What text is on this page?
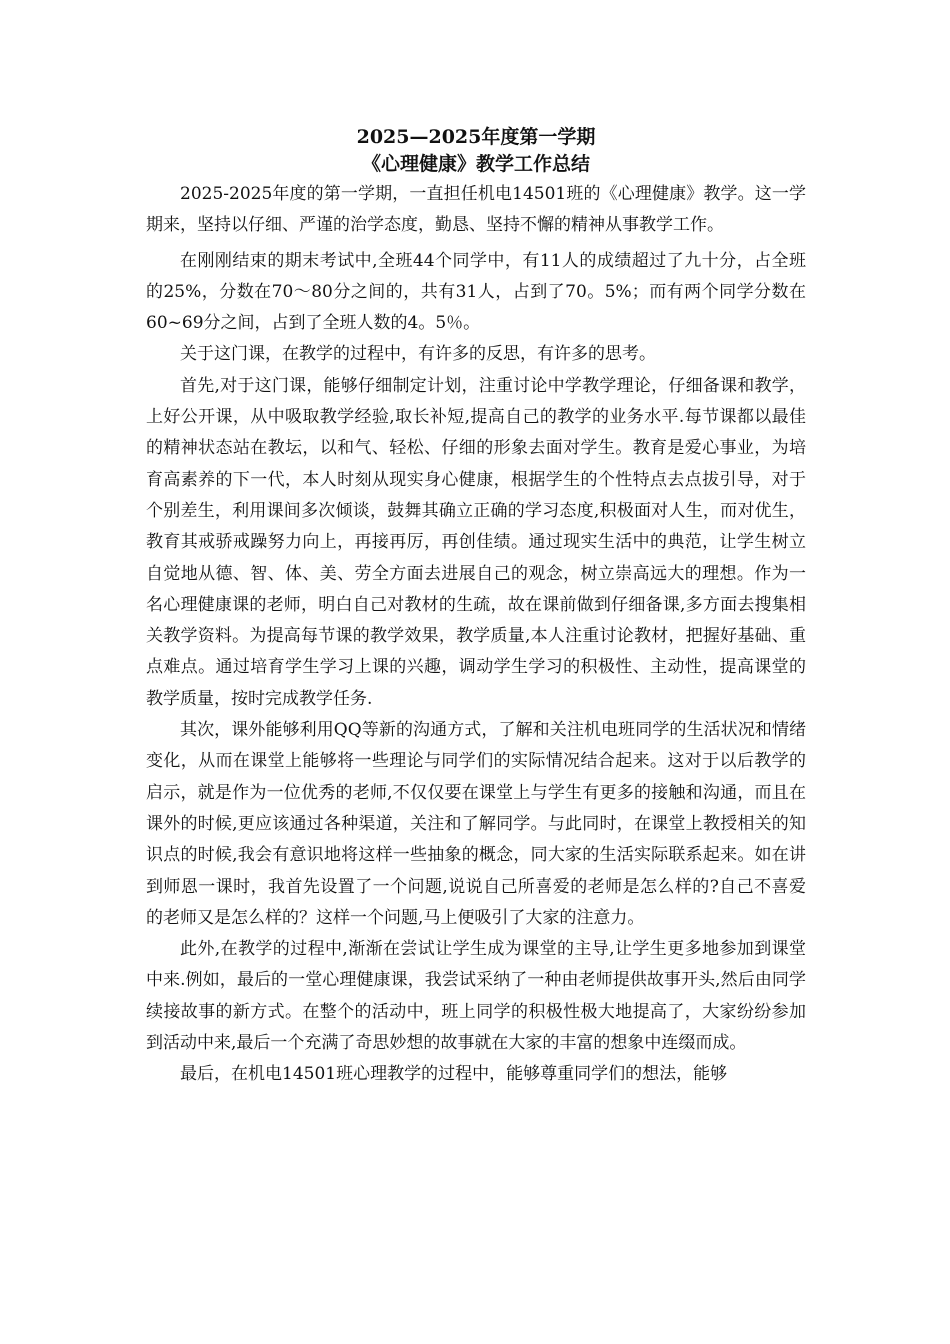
2025—2025年度第一学期
《心理健康》教学工作总结

2025-2025年度的第一学期，一直担任机电14501班的《心理健康》教学。这一学期来，坚持以仔细、严谨的治学态度，勤恳、坚持不懈的精神从事教学工作。

在刚刚结束的期末考试中,全班44个同学中，有11人的成绩超过了九十分，占全班的25%，分数在70～80分之间的，共有31人，占到了70。5%；而有两个同学分数在60~69分之间，占到了全班人数的4。5％。

关于这门课，在教学的过程中，有许多的反思，有许多的思考。

首先,对于这门课，能够仔细制定计划，注重讨论中学教学理论，仔细备课和教学，上好公开课，从中吸取教学经验,取长补短,提高自己的教学的业务水平.每节课都以最佳的精神状态站在教坛，以和气、轻松、仔细的形象去面对学生。教育是爱心事业，为培育高素养的下一代，本人时刻从现实身心健康，根据学生的个性特点去点拔引导，对于个别差生，利用课间多次倾谈，鼓舞其确立正确的学习态度,积极面对人生，而对优生，教育其戒骄戒躁努力向上，再接再厉，再创佳绩。通过现实生活中的典范，让学生树立自觉地从德、智、体、美、劳全方面去进展自己的观念，树立崇高远大的理想。作为一名心理健康课的老师，明白自己对教材的生疏，故在课前做到仔细备课,多方面去搜集相关教学资料。为提高每节课的教学效果，教学质量,本人注重讨论教材，把握好基础、重点难点。通过培育学生学习上课的兴趣，调动学生学习的积极性、主动性，提高课堂的教学质量，按时完成教学任务.

其次，课外能够利用QQ等新的沟通方式，了解和关注机电班同学的生活状况和情绪变化，从而在课堂上能够将一些理论与同学们的实际情况结合起来。这对于以后教学的启示，就是作为一位优秀的老师,不仅仅要在课堂上与学生有更多的接触和沟通，而且在课外的时候,更应该通过各种渠道，关注和了解同学。与此同时，在课堂上教授相关的知识点的时候,我会有意识地将这样一些抽象的概念，同大家的生活实际联系起来。如在讲到师恩一课时，我首先设置了一个问题,说说自己所喜爱的老师是怎么样的?自己不喜爱的老师又是怎么样的？这样一个问题,马上便吸引了大家的注意力。

此外,在教学的过程中,渐渐在尝试让学生成为课堂的主导,让学生更多地参加到课堂中来.例如，最后的一堂心理健康课，我尝试采纳了一种由老师提供故事开头,然后由同学续接故事的新方式。在整个的活动中，班上同学的积极性极大地提高了，大家纷纷参加到活动中来,最后一个充满了奇思妙想的故事就在大家的丰富的想象中连缀而成。

最后，在机电14501班心理教学的过程中，能够尊重同学们的想法，能够
